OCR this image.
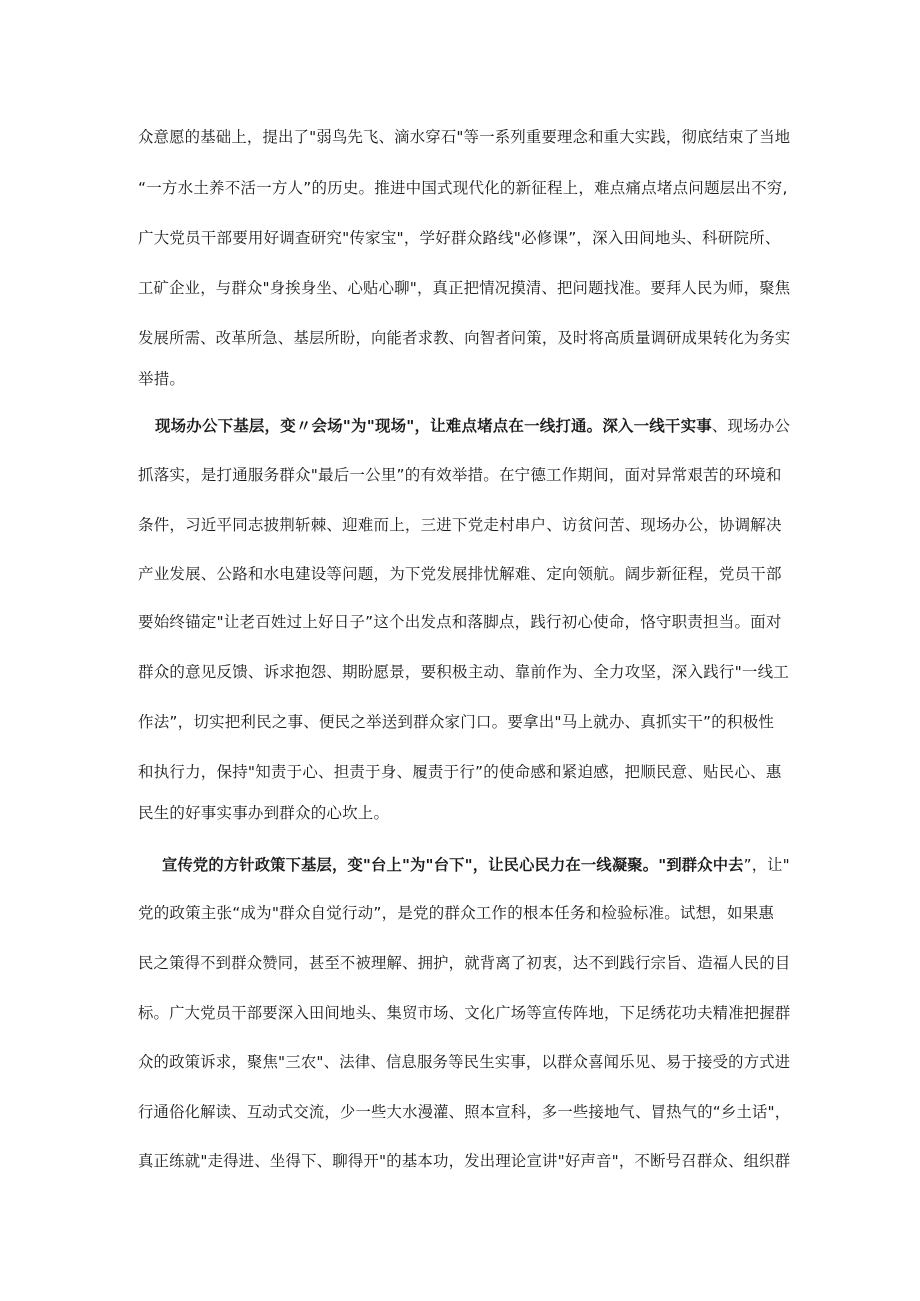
众意愿的基础上，提出了"弱鸟先飞、滴水穿石"等一系列重要理念和重大实践，彻底结束了当地
“一方水土养不活一方人”的历史。推进中国式现代化的新征程上，难点痛点堵点问题层出不穷,
广大党员干部要用好调查研究"传家宝"，学好群众路线"必修课”，深入田间地头、科研院所、
工矿企业，与群众"身挨身坐、心贴心聊"，真正把情况摸清、把问题找准。要拜人民为师，聚焦
发展所需、改革所急、基层所盼，向能者求教、向智者问策，及时将高质量调研成果转化为务实
举措。
现场办公下基层，变〃会场"为"现场"，让难点堵点在一线打通。深入一线干实事、现场办公
抓落实，是打通服务群众"最后一公里”的有效举措。在宁德工作期间，面对异常艰苦的环境和
条件，习近平同志披荆斩棘、迎难而上，三进下党走村串户、访贫问苦、现场办公，协调解决
产业发展、公路和水电建设等问题，为下党发展排忧解难、定向领航。阔步新征程，党员干部
要始终锚定"让老百姓过上好日子”这个出发点和落脚点，践行初心使命，恪守职责担当。面对
群众的意见反馈、诉求抱怨、期盼愿景，要积极主动、靠前作为、全力攻坚，深入践行"一线工
作法”，切实把利民之事、便民之举送到群众家门口。要拿出"马上就办、真抓实干”的积极性
和执行力，保持"知责于心、担责于身、履责于行”的使命感和紧迫感，把顺民意、贴民心、惠
民生的好事实事办到群众的心坎上。
宣传党的方针政策下基层，变"台上"为"台下"，让民心民力在一线凝聚。"到群众中去”，让"
党的政策主张“成为"群众自觉行动”，是党的群众工作的根本任务和检验标准。试想，如果惠
民之策得不到群众赞同，甚至不被理解、拥护，就背离了初衷，达不到践行宗旨、造福人民的目
标。广大党员干部要深入田间地头、集贸市场、文化广场等宣传阵地，下足绣花功夫精准把握群
众的政策诉求，聚焦"三农"、法律、信息服务等民生实事，以群众喜闻乐见、易于接受的方式进
行通俗化解读、互动式交流，少一些大水漫灌、照本宣科，多一些接地气、冒热气的“乡土话"，
真正练就"走得进、坐得下、聊得开"的基本功，发出理论宣讲"好声音"，不断号召群众、组织群
